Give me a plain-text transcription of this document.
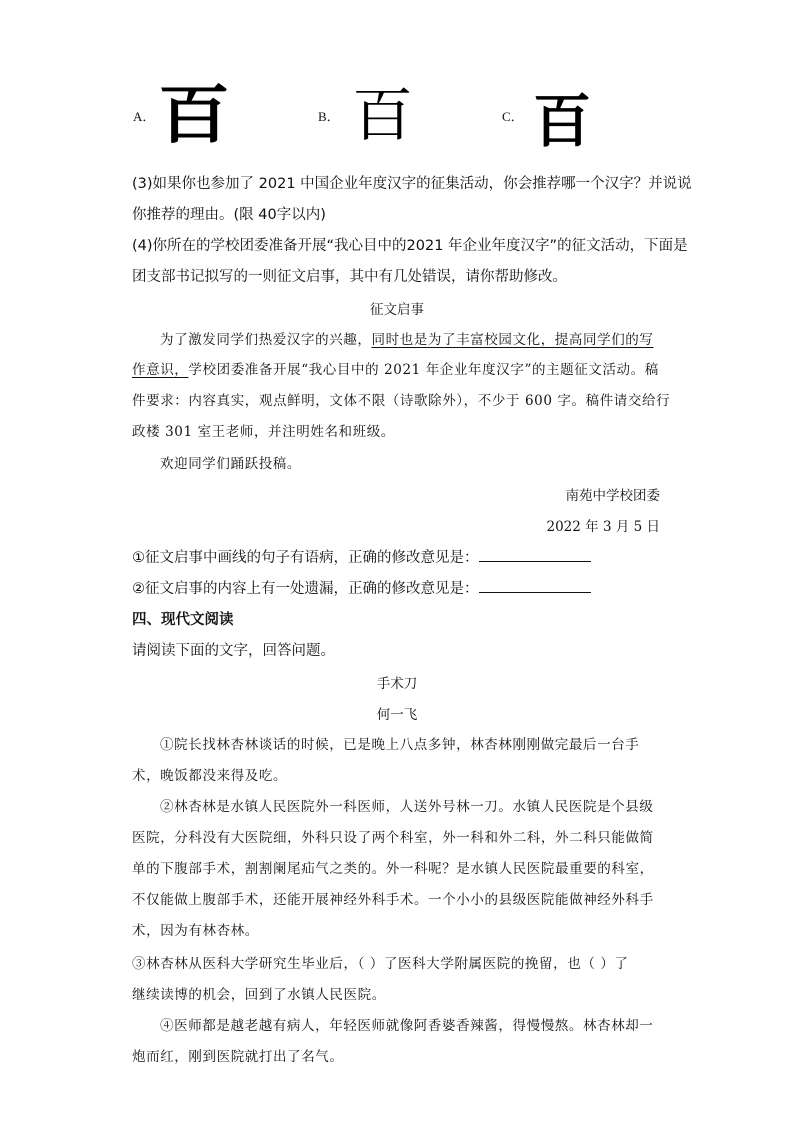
A． 百	B． 百	C． 百
(3)如果你也参加了 2021 中国企业年度汉字的征集活动，你会推荐哪一个汉字？并说说
你推荐的理由。(限 40字以内)
(4)你所在的学校团委准备开展“我心目中的2021 年企业年度汉字”的征文活动，下面是
团支部书记拟写的一则征文启事，其中有几处错误，请你帮助修改。
征文启事
为了激发同学们热爱汉字的兴趣，同时也是为了丰富校园文化，提高同学们的写
作意识，学校团委准备开展“我心目中的 2021 年企业年度汉字”的主题征文活动。稿
件要求：内容真实，观点鲜明，文体不限（诗歌除外），不少于 600 字。稿件请交给行
政楼 301 室王老师，并注明姓名和班级。
欢迎同学们踊跃投稿。
南苑中学校团委
2022 年 3 月 5 日
①征文启事中画线的句子有语病，正确的修改意见是：
②征文启事的内容上有一处遗漏，正确的修改意见是：
四、现代文阅读
请阅读下面的文字，回答问题。
手术刀
何一飞
①院长找林杏林谈话的时候，已是晚上八点多钟，林杏林刚刚做完最后一台手
术，晚饭都没来得及吃。
②林杏林是水镇人民医院外一科医师，人送外号林一刀。水镇人民医院是个县级
医院，分科没有大医院细，外科只设了两个科室，外一科和外二科，外二科只能做简
单的下腹部手术，割割阑尾疝气之类的。外一科呢？是水镇人民医院最重要的科室，
不仅能做上腹部手术，还能开展神经外科手术。一个小小的县级医院能做神经外科手
术，因为有林杏林。
③林杏林从医科大学研究生毕业后，（ ）了医科大学附属医院的挽留，也（ ）了
继续读博的机会，回到了水镇人民医院。
④医师都是越老越有病人，年轻医师就像阿香婆香辣酱，得慢慢熬。林杏林却一
炮而红，刚到医院就打出了名气。
